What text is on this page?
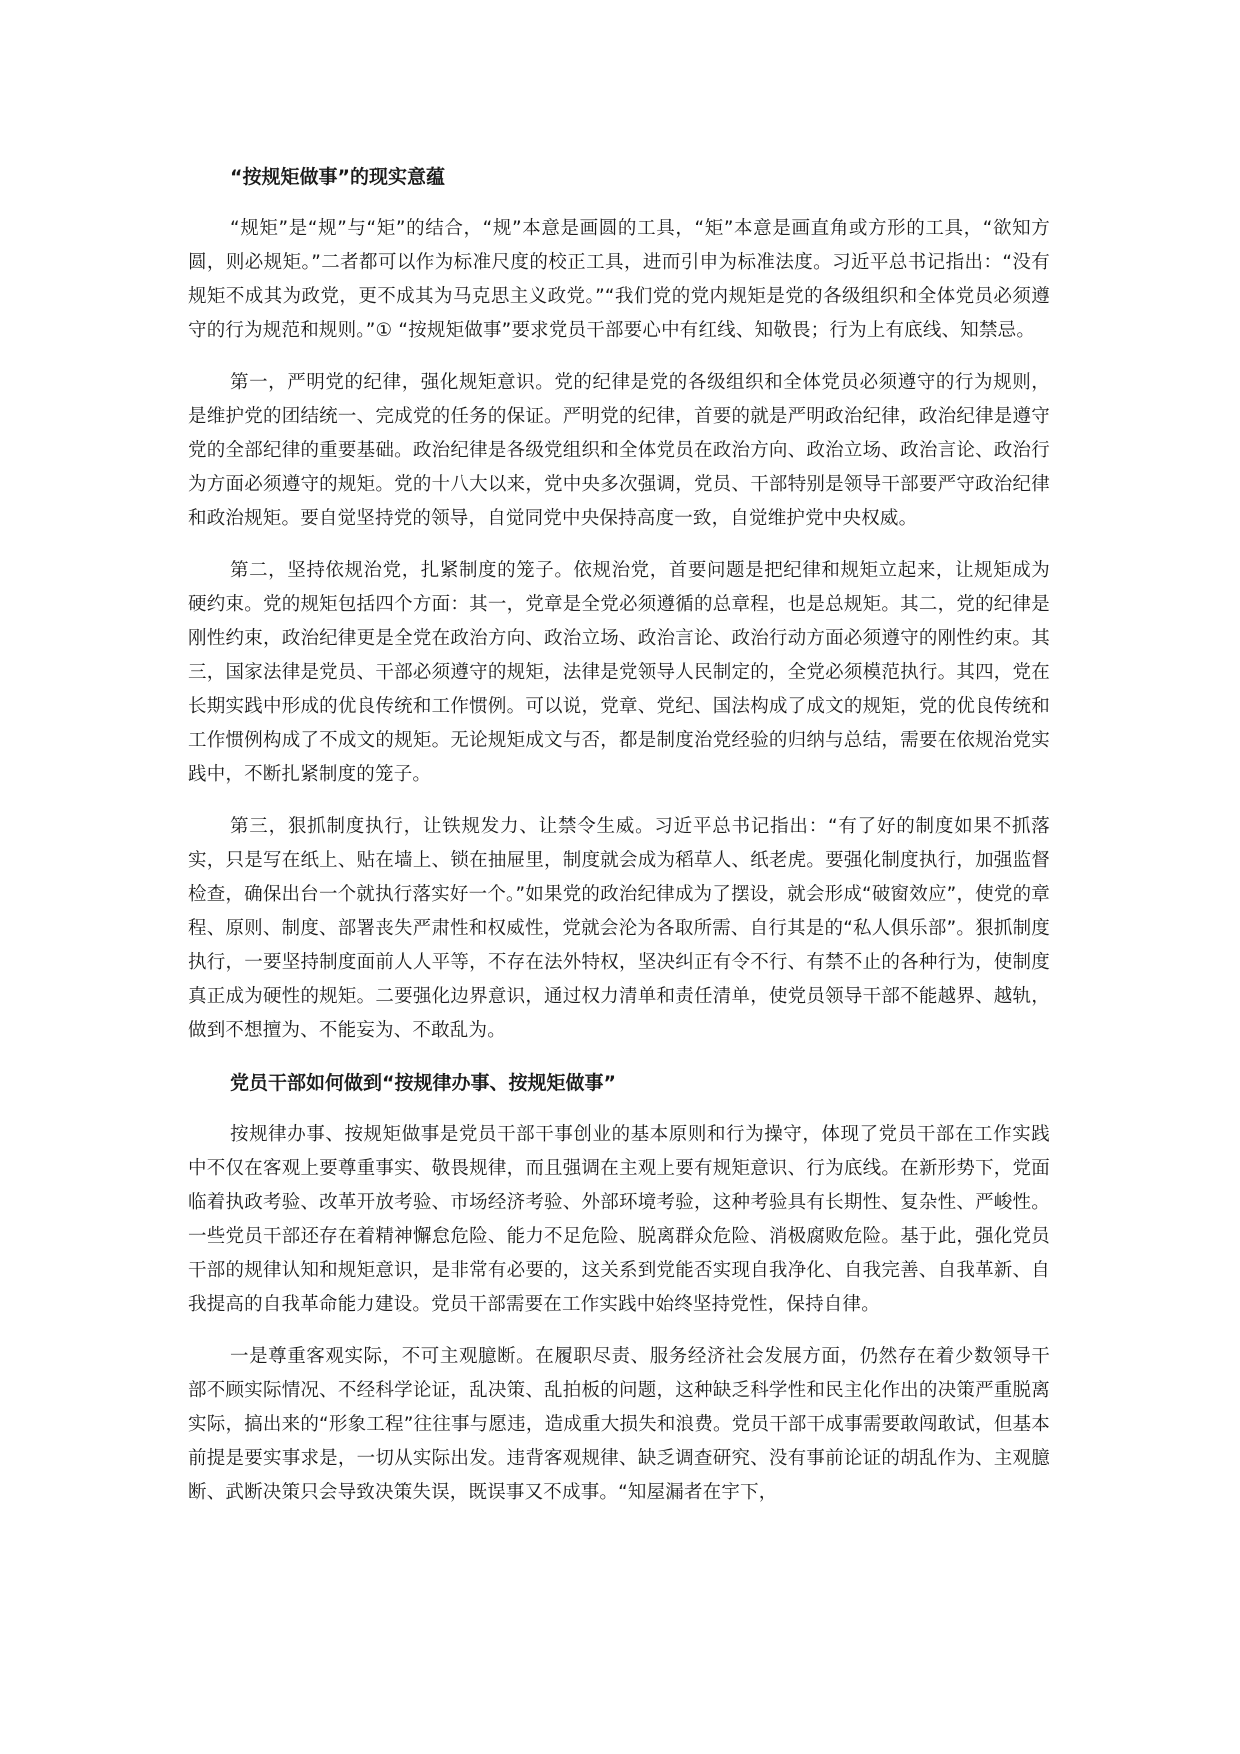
“按规矩做事”的现实意蕴

“规矩”是“规”与“矩”的结合，“规”本意是画圆的工具，“矩”本意是画直角或方形的工具，“欲知方圆，则必规矩。”二者都可以作为标准尺度的校正工具，进而引申为标准法度。习近平总书记指出：“没有规矩不成其为政党，更不成其为马克思主义政党。”“我们党的党内规矩是党的各级组织和全体党员必须遵守的行为规范和规则。”① “按规矩做事”要求党员干部要心中有红线、知敬畏；行为上有底线、知禁忌。

第一，严明党的纪律，强化规矩意识。党的纪律是党的各级组织和全体党员必须遵守的行为规则，是维护党的团结统一、完成党的任务的保证。严明党的纪律，首要的就是严明政治纪律，政治纪律是遵守党的全部纪律的重要基础。政治纪律是各级党组织和全体党员在政治方向、政治立场、政治言论、政治行为方面必须遵守的规矩。党的十八大以来，党中央多次强调，党员、干部特别是领导干部要严守政治纪律和政治规矩。要自觉坚持党的领导，自觉同党中央保持高度一致，自觉维护党中央权威。

第二，坚持依规治党，扎紧制度的笼子。依规治党，首要问题是把纪律和规矩立起来，让规矩成为硬约束。党的规矩包括四个方面：其一，党章是全党必须遵循的总章程，也是总规矩。其二，党的纪律是刚性约束，政治纪律更是全党在政治方向、政治立场、政治言论、政治行动方面必须遵守的刚性约束。其三，国家法律是党员、干部必须遵守的规矩，法律是党领导人民制定的，全党必须模范执行。其四，党在长期实践中形成的优良传统和工作惯例。可以说，党章、党纪、国法构成了成文的规矩，党的优良传统和工作惯例构成了不成文的规矩。无论规矩成文与否，都是制度治党经验的归纳与总结，需要在依规治党实践中，不断扎紧制度的笼子。

第三，狠抓制度执行，让铁规发力、让禁令生威。习近平总书记指出：“有了好的制度如果不抓落实，只是写在纸上、贴在墙上、锁在抽屉里，制度就会成为稻草人、纸老虎。要强化制度执行，加强监督检查，确保出台一个就执行落实好一个。”如果党的政治纪律成为了摆设，就会形成“破窗效应”，使党的章程、原则、制度、部署丧失严肃性和权威性，党就会沦为各取所需、自行其是的“私人俱乐部”。狠抓制度执行，一要坚持制度面前人人平等，不存在法外特权，坚决纠正有令不行、有禁不止的各种行为，使制度真正成为硬性的规矩。二要强化边界意识，通过权力清单和责任清单，使党员领导干部不能越界、越轨，做到不想擅为、不能妄为、不敢乱为。

党员干部如何做到“按规律办事、按规矩做事”

按规律办事、按规矩做事是党员干部干事创业的基本原则和行为操守，体现了党员干部在工作实践中不仅在客观上要尊重事实、敬畏规律，而且强调在主观上要有规矩意识、行为底线。在新形势下，党面临着执政考验、改革开放考验、市场经济考验、外部环境考验，这种考验具有长期性、复杂性、严峻性。一些党员干部还存在着精神懈怠危险、能力不足危险、脱离群众危险、消极腐败危险。基于此，强化党员干部的规律认知和规矩意识，是非常有必要的，这关系到党能否实现自我净化、自我完善、自我革新、自我提高的自我革命能力建设。党员干部需要在工作实践中始终坚持党性，保持自律。

一是尊重客观实际，不可主观臆断。在履职尽责、服务经济社会发展方面，仍然存在着少数领导干部不顾实际情况、不经科学论证，乱决策、乱拍板的问题，这种缺乏科学性和民主化作出的决策严重脱离实际，搞出来的“形象工程”往往事与愿违，造成重大损失和浪费。党员干部干成事需要敢闯敢试，但基本前提是要实事求是，一切从实际出发。违背客观规律、缺乏调查研究、没有事前论证的胡乱作为、主观臆断、武断决策只会导致决策失误，既误事又不成事。“知屋漏者在宇下，
